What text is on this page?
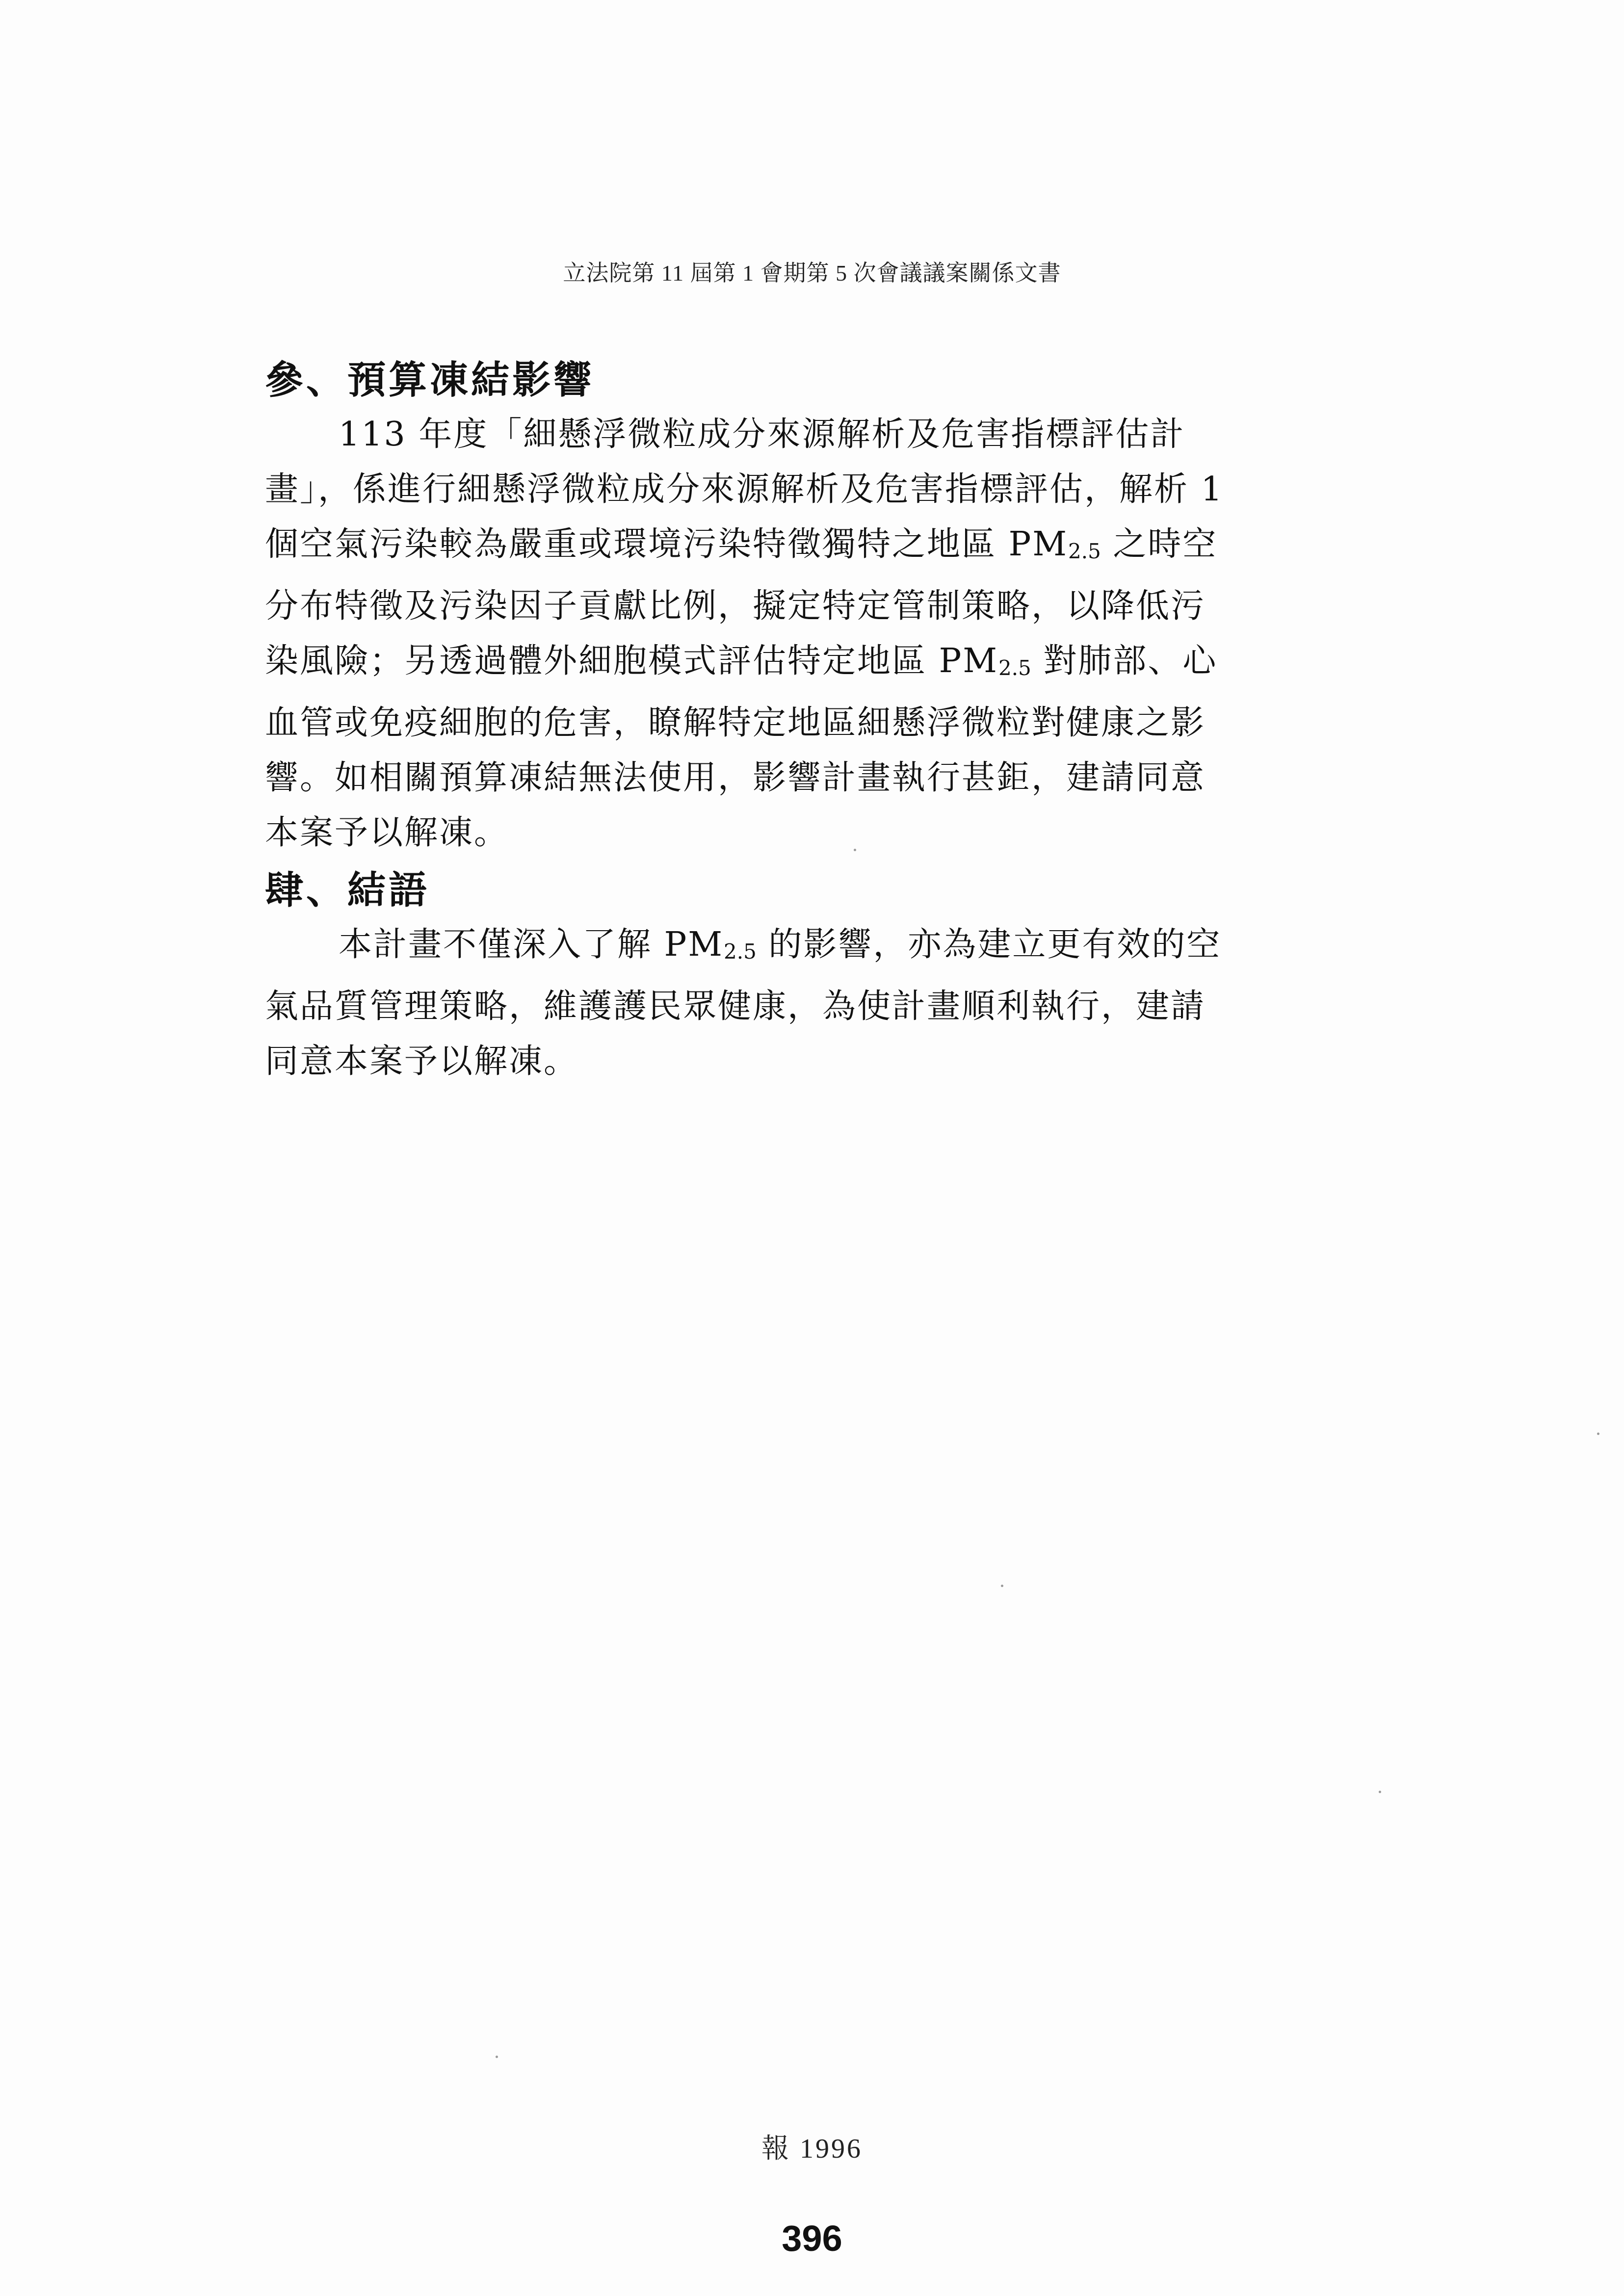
立法院第 11 屆第 1 會期第 5 次會議議案關係文書
參、預算凍結影響

113 年度「細懸浮微粒成分來源解析及危害指標評估計
畫」，係進行細懸浮微粒成分來源解析及危害指標評估，解析 1
個空氣污染較為嚴重或環境污染特徵獨特之地區 $PM_{2.5}$ 之時空
分布特徵及污染因子貢獻比例，擬定特定管制策略，以降低污
染風險；另透過體外細胞模式評估特定地區 $PM_{2.5}$ 對肺部、心
血管或免疫細胞的危害，瞭解特定地區細懸浮微粒對健康之影
響。如相關預算凍結無法使用，影響計畫執行甚鉅，建請同意
本案予以解凍。

肆、結語

本計畫不僅深入了解 $PM_{2.5}$ 的影響，亦為建立更有效的空
氣品質管理策略，維護護民眾健康，為使計畫順利執行，建請
同意本案予以解凍。

報 1996
396
